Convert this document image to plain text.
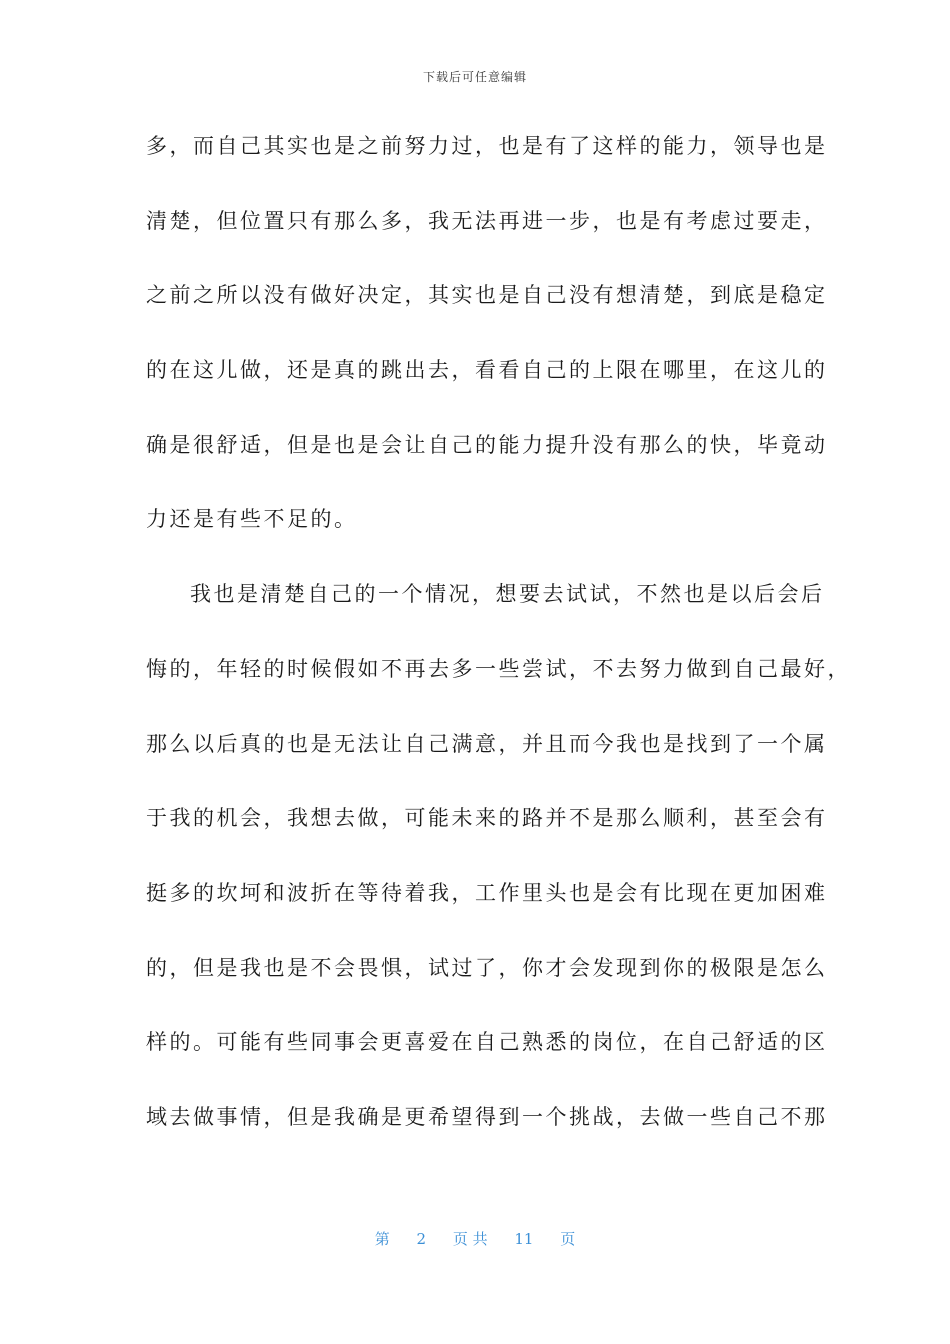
下载后可任意编辑
多，而自己其实也是之前努力过，也是有了这样的能力，领导也是
清楚，但位置只有那么多，我无法再进一步，也是有考虑过要走，
之前之所以没有做好决定，其实也是自己没有想清楚，到底是稳定
的在这儿做，还是真的跳出去，看看自己的上限在哪里，在这儿的
确是很舒适，但是也是会让自己的能力提升没有那么的快，毕竟动
力还是有些不足的。
我也是清楚自己的一个情况，想要去试试，不然也是以后会后
悔的，年轻的时候假如不再去多一些尝试，不去努力做到自己最好，
那么以后真的也是无法让自己满意，并且而今我也是找到了一个属
于我的机会，我想去做，可能未来的路并不是那么顺利，甚至会有
挺多的坎坷和波折在等待着我，工作里头也是会有比现在更加困难
的，但是我也是不会畏惧，试过了，你才会发现到你的极限是怎么
样的。可能有些同事会更喜爱在自己熟悉的岗位，在自己舒适的区
域去做事情，但是我确是更希望得到一个挑战，去做一些自己不那
第 2 页 共 11 页
